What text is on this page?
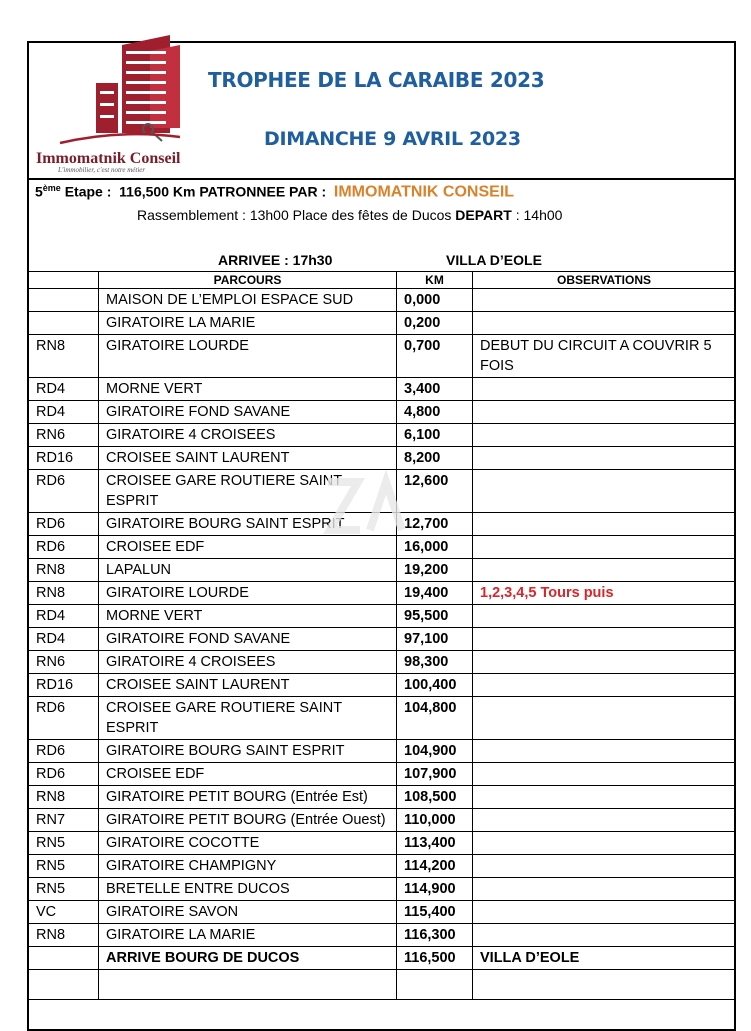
Immomatnik Conseil
L'immobilier, c'est notre métier
TROPHEE DE LA CARAIBE 2023
DIMANCHE 9 AVRIL 2023
5ème Etape : 116,500 Km PATRONNEE PAR : IMMOMATNIK CONSEIL
Rassemblement : 13h00 Place des fêtes de Ducos DEPART : 14h00
ARRIVEE : 17h30	VILLA D’EOLE
	PARCOURS	KM	OBSERVATIONS
	MAISON DE L’EMPLOI ESPACE SUD	0,000	
	GIRATOIRE LA MARIE	0,200	
RN8	GIRATOIRE LOURDE	0,700	DEBUT DU CIRCUIT A COUVRIR 5 FOIS
RD4	MORNE VERT	3,400	
RD4	GIRATOIRE FOND SAVANE	4,800	
RN6	GIRATOIRE 4 CROISEES	6,100	
RD16	CROISEE SAINT LAURENT	8,200	
RD6	CROISEE GARE ROUTIERE SAINT ESPRIT	12,600	
RD6	GIRATOIRE BOURG SAINT ESPRIT	12,700	
RD6	CROISEE EDF	16,000	
RN8	LAPALUN	19,200	
RN8	GIRATOIRE LOURDE	19,400	1,2,3,4,5 Tours puis
RD4	MORNE VERT	95,500	
RD4	GIRATOIRE FOND SAVANE	97,100	
RN6	GIRATOIRE 4 CROISEES	98,300	
RD16	CROISEE SAINT LAURENT	100,400	
RD6	CROISEE GARE ROUTIERE SAINT ESPRIT	104,800	
RD6	GIRATOIRE BOURG SAINT ESPRIT	104,900	
RD6	CROISEE EDF	107,900	
RN8	GIRATOIRE PETIT BOURG (Entrée Est)	108,500	
RN7	GIRATOIRE PETIT BOURG (Entrée Ouest)	110,000	
RN5	GIRATOIRE COCOTTE	113,400	
RN5	GIRATOIRE CHAMPIGNY	114,200	
RN5	BRETELLE ENTRE DUCOS	114,900	
VC	GIRATOIRE SAVON	115,400	
RN8	GIRATOIRE LA MARIE	116,300	
	ARRIVE BOURG DE DUCOS	116,500	VILLA D’EOLE
